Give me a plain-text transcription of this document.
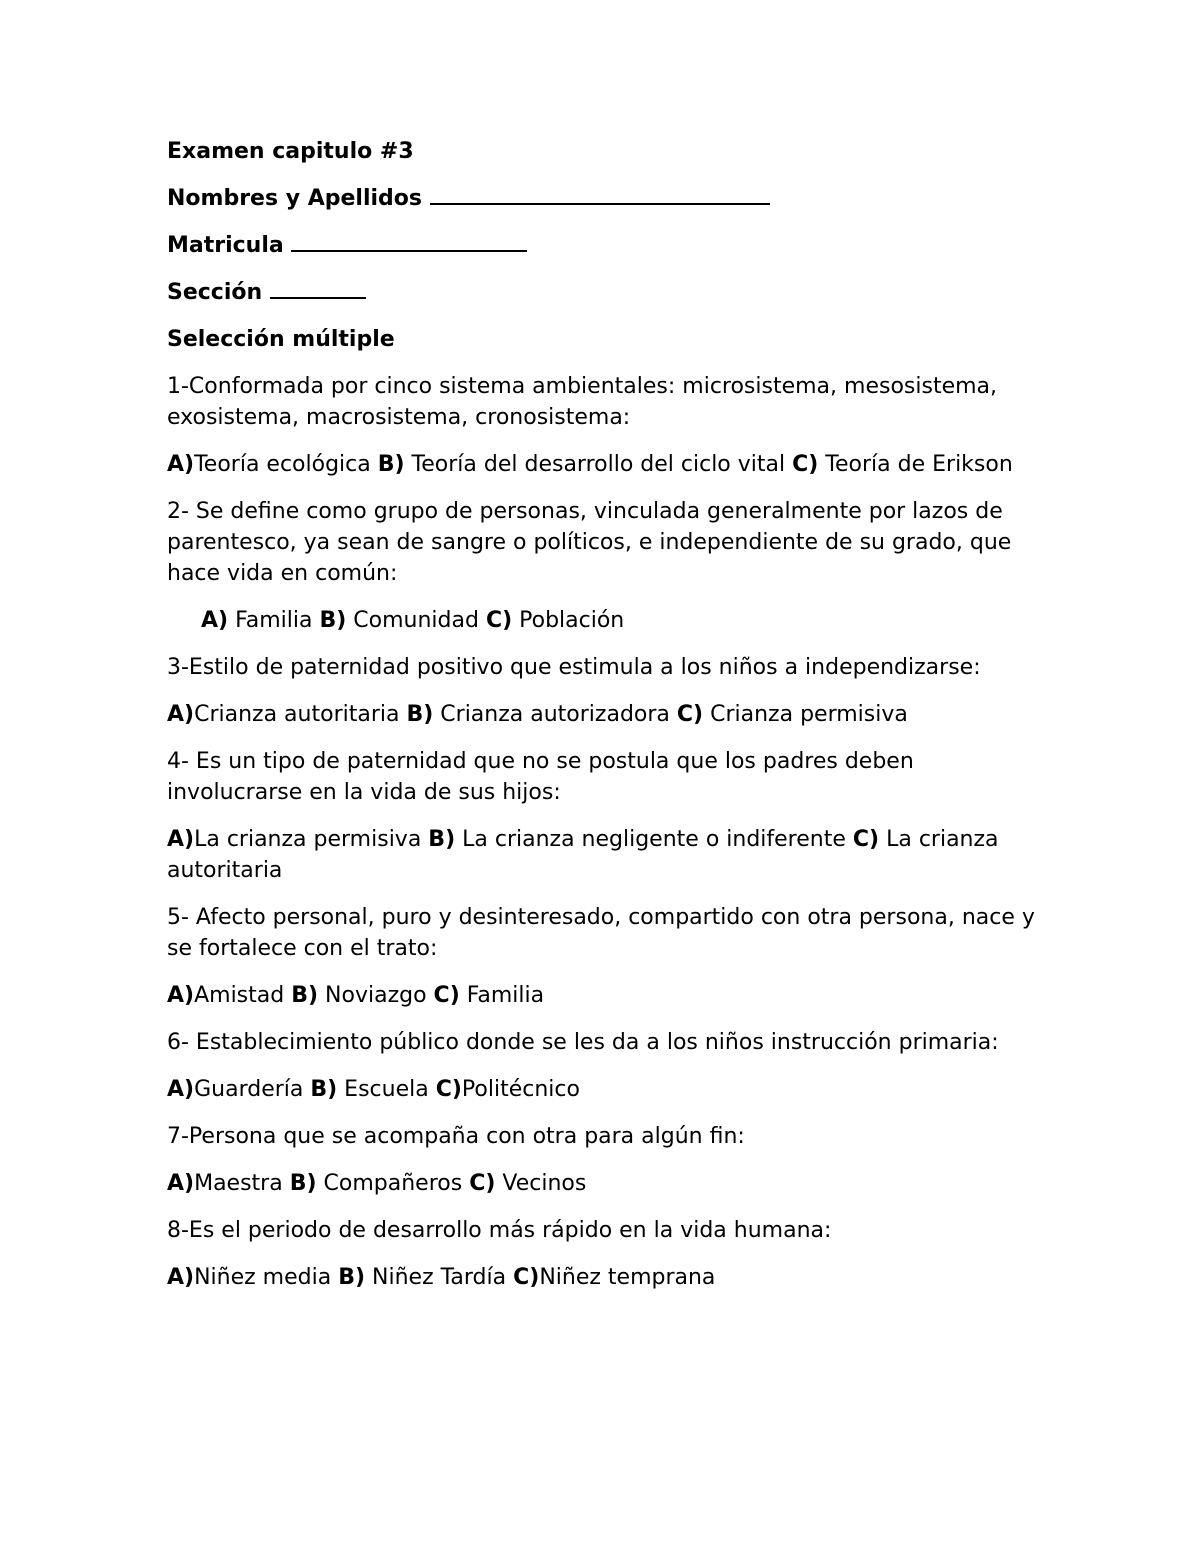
Examen capitulo #3

Nombres y Apellidos

Matricula

Sección

Selección múltiple

1-Conformada por cinco sistema ambientales: microsistema, mesosistema, exosistema, macrosistema, cronosistema:

A)Teoría ecológica B) Teoría del desarrollo del ciclo vital C) Teoría de Erikson

2- Se define como grupo de personas, vinculada generalmente por lazos de parentesco, ya sean de sangre o políticos, e independiente de su grado, que hace vida en común:

A) Familia B) Comunidad C) Población

3-Estilo de paternidad positivo que estimula a los niños a independizarse:

A)Crianza autoritaria B) Crianza autorizadora C) Crianza permisiva

4- Es un tipo de paternidad que no se postula que los padres deben involucrarse en la vida de sus hijos:

A)La crianza permisiva B) La crianza negligente o indiferente C) La crianza autoritaria

5- Afecto personal, puro y desinteresado, compartido con otra persona, nace y se fortalece con el trato:

A)Amistad B) Noviazgo C) Familia

6- Establecimiento público donde se les da a los niños instrucción primaria:

A)Guardería B) Escuela C)Politécnico

7-Persona que se acompaña con otra para algún fin:

A)Maestra B) Compañeros C) Vecinos

8-Es el periodo de desarrollo más rápido en la vida humana:

A)Niñez media B) Niñez Tardía C)Niñez temprana
